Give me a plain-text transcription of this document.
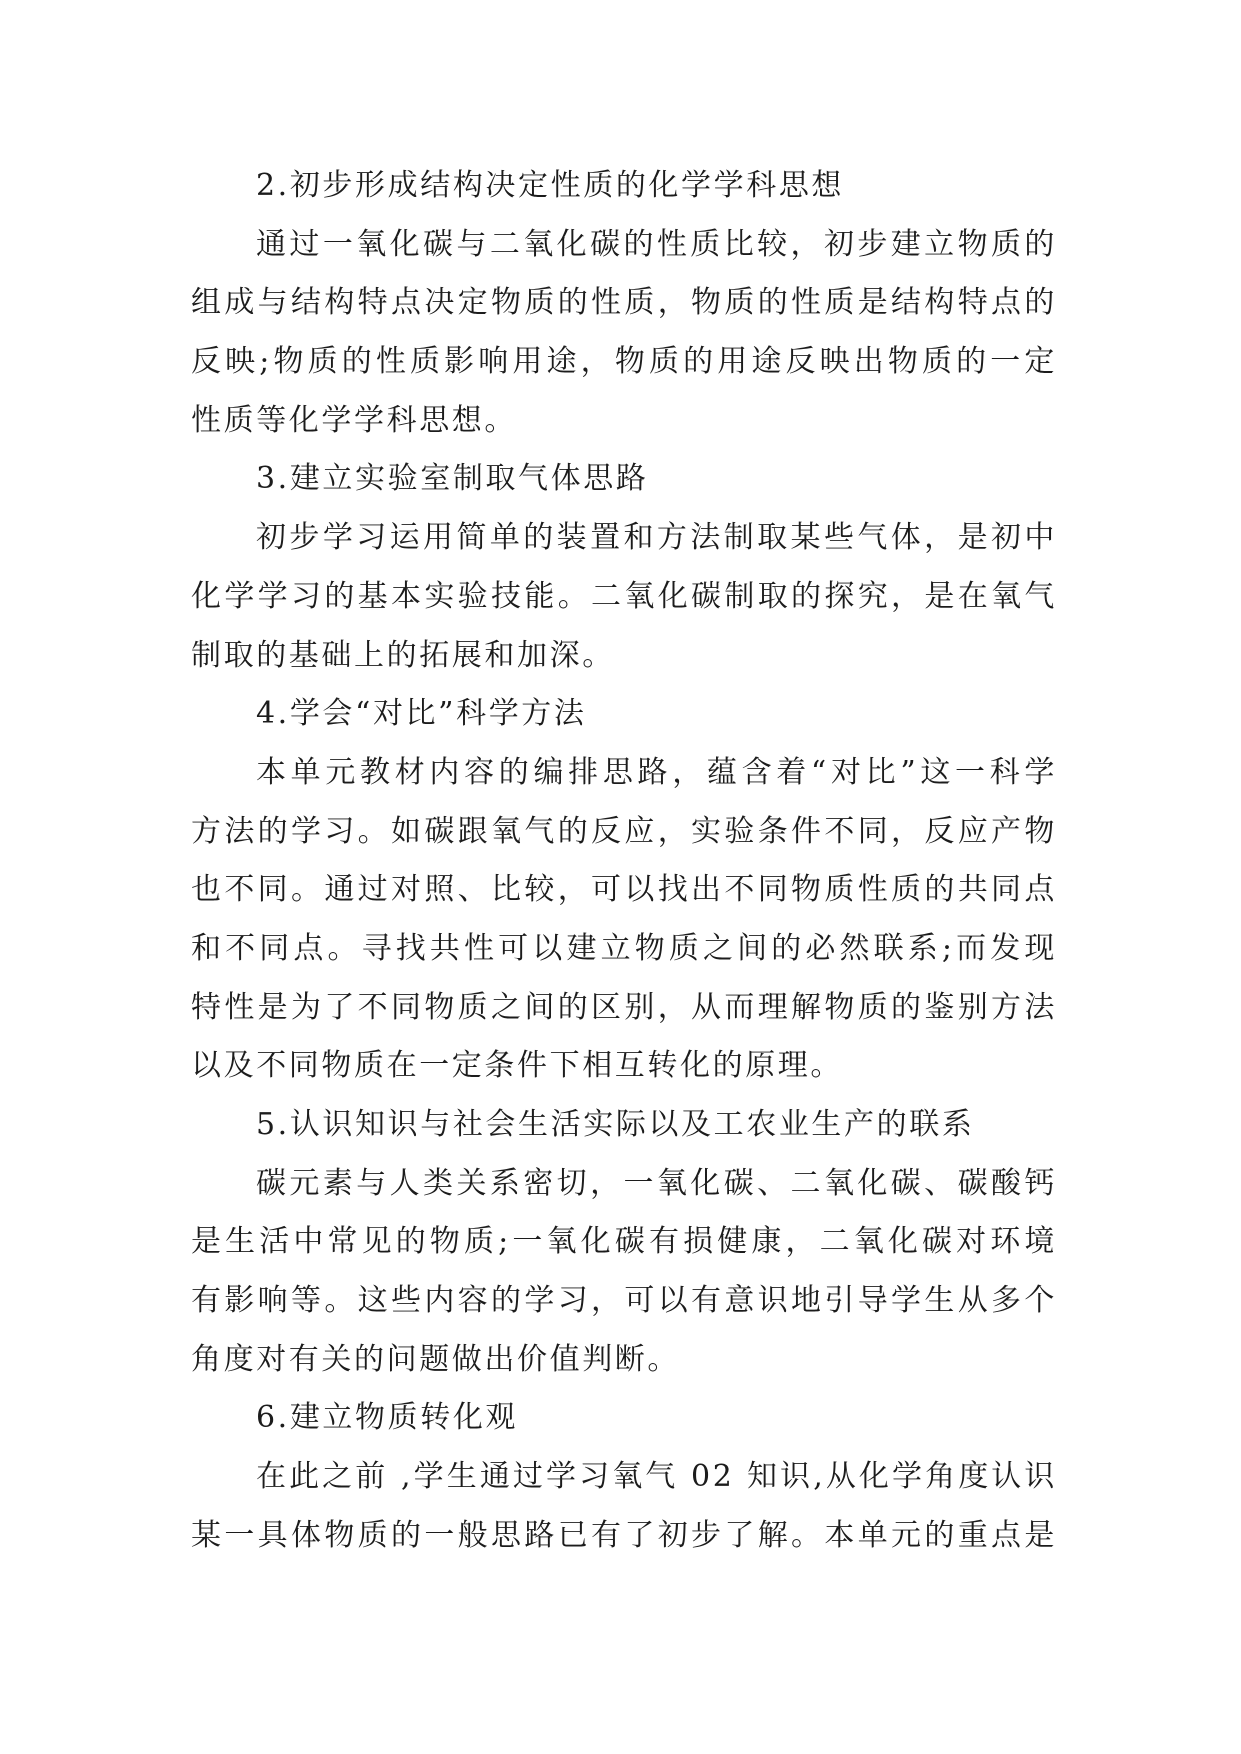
2.初步形成结构决定性质的化学学科思想
通过一氧化碳与二氧化碳的性质比较，初步建立物质的
组成与结构特点决定物质的性质，物质的性质是结构特点的
反映;物质的性质影响用途，物质的用途反映出物质的一定
性质等化学学科思想。
3.建立实验室制取气体思路
初步学习运用简单的装置和方法制取某些气体，是初中
化学学习的基本实验技能。二氧化碳制取的探究，是在氧气
制取的基础上的拓展和加深。
4.学会“对比”科学方法
本单元教材内容的编排思路，蕴含着“对比”这一科学
方法的学习。如碳跟氧气的反应，实验条件不同，反应产物
也不同。通过对照、比较，可以找出不同物质性质的共同点
和不同点。寻找共性可以建立物质之间的必然联系;而发现
特性是为了不同物质之间的区别，从而理解物质的鉴别方法
以及不同物质在一定条件下相互转化的原理。
5.认识知识与社会生活实际以及工农业生产的联系
碳元素与人类关系密切，一氧化碳、二氧化碳、碳酸钙
是生活中常见的物质;一氧化碳有损健康，二氧化碳对环境
有影响等。这些内容的学习，可以有意识地引导学生从多个
角度对有关的问题做出价值判断。
6.建立物质转化观
在此之前 ,学生通过学习氧气 02 知识,从化学角度认识
某一具体物质的一般思路已有了初步了解。本单元的重点是
